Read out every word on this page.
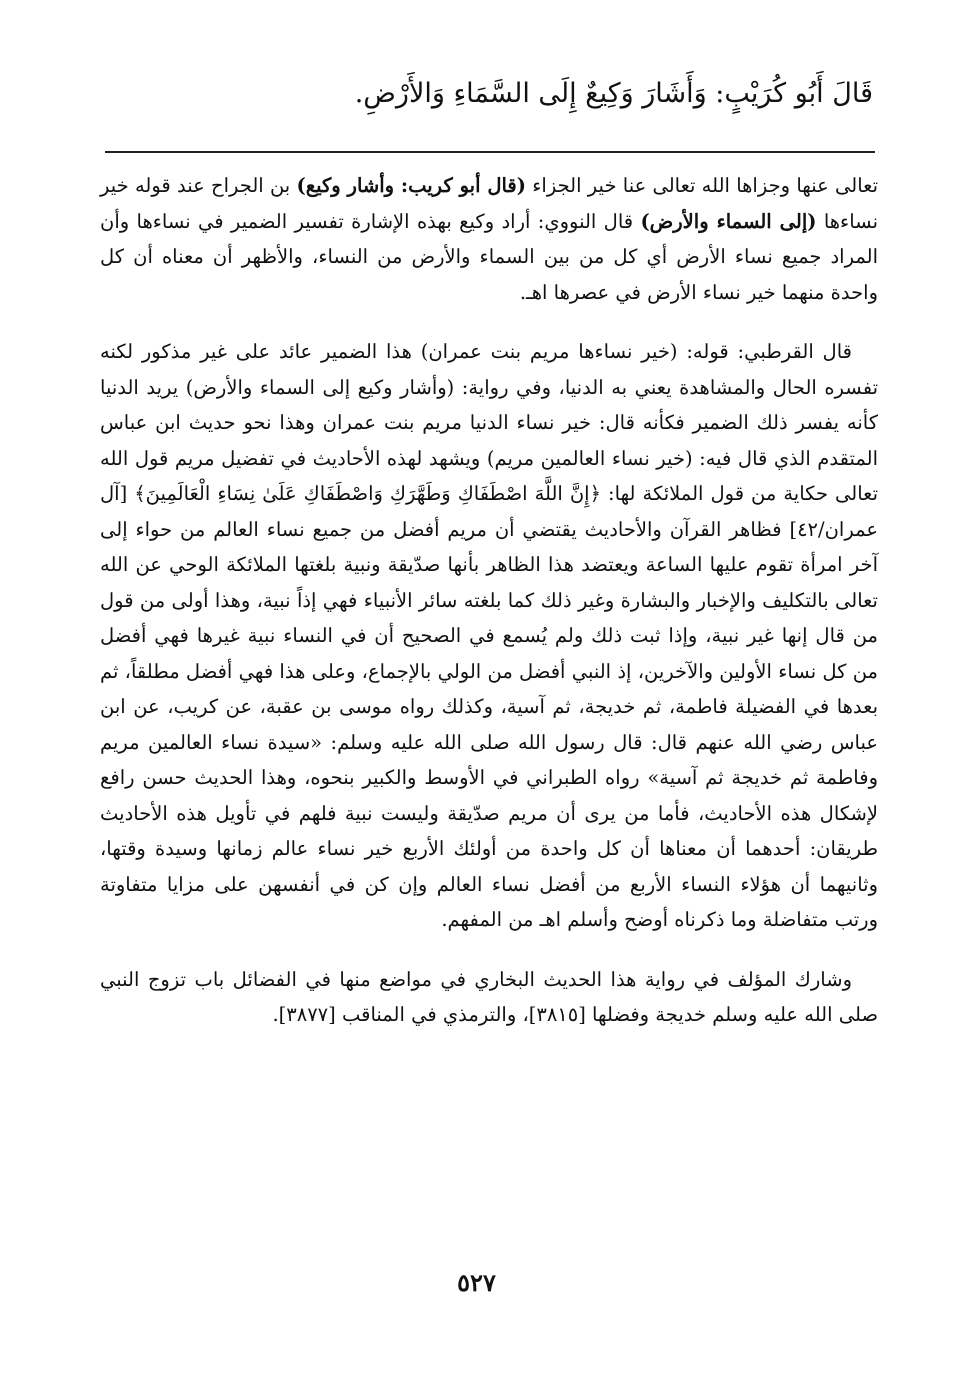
قَالَ أَبُو كُرَيْبٍ: وَأَشَارَ وَكِيعٌ إِلَى السَّمَاءِ وَالأَرْضِ.

تعالى عنها وجزاها الله تعالى عنا خير الجزاء (قال أبو كريب: وأشار وكيع) بن الجراح عند قوله خير نساءها (إلى السماء والأرض) قال النووي: أراد وكيع بهذه الإشارة تفسير الضمير في نساءها وأن المراد جميع نساء الأرض أي كل من بين السماء والأرض من النساء، والأظهر أن معناه أن كل واحدة منهما خير نساء الأرض في عصرها اهـ.

قال القرطبي: قوله: (خير نساءها مريم بنت عمران) هذا الضمير عائد على غير مذكور لكنه تفسره الحال والمشاهدة يعني به الدنيا، وفي رواية: (وأشار وكيع إلى السماء والأرض) يريد الدنيا كأنه يفسر ذلك الضمير فكأنه قال: خير نساء الدنيا مريم بنت عمران وهذا نحو حديث ابن عباس المتقدم الذي قال فيه: (خير نساء العالمين مريم) ويشهد لهذه الأحاديث في تفضيل مريم قول الله تعالى حكاية من قول الملائكة لها: ﴿إِنَّ اللَّهَ اصْطَفَاكِ وَطَهَّرَكِ وَاصْطَفَاكِ عَلَىٰ نِسَاءِ الْعَالَمِينَ﴾ [آل عمران/٤٢] فظاهر القرآن والأحاديث يقتضي أن مريم أفضل من جميع نساء العالم من حواء إلى آخر امرأة تقوم عليها الساعة ويعتضد هذا الظاهر بأنها صدّيقة ونبية بلغتها الملائكة الوحي عن الله تعالى بالتكليف والإخبار والبشارة وغير ذلك كما بلغته سائر الأنبياء فهي إذاً نبية، وهذا أولى من قول من قال إنها غير نبية، وإذا ثبت ذلك ولم يُسمع في الصحيح أن في النساء نبية غيرها فهي أفضل من كل نساء الأولين والآخرين، إذ النبي أفضل من الولي بالإجماع، وعلى هذا فهي أفضل مطلقاً، ثم بعدها في الفضيلة فاطمة، ثم خديجة، ثم آسية، وكذلك رواه موسى بن عقبة، عن كريب، عن ابن عباس رضي الله عنهم قال: قال رسول الله صلى الله عليه وسلم: «سيدة نساء العالمين مريم وفاطمة ثم خديجة ثم آسية» رواه الطبراني في الأوسط والكبير بنحوه، وهذا الحديث حسن رافع لإشكال هذه الأحاديث، فأما من يرى أن مريم صدّيقة وليست نبية فلهم في تأويل هذه الأحاديث طريقان: أحدهما أن معناها أن كل واحدة من أولئك الأربع خير نساء عالم زمانها وسيدة وقتها، وثانيهما أن هؤلاء النساء الأربع من أفضل نساء العالم وإن كن في أنفسهن على مزايا متفاوتة ورتب متفاضلة وما ذكرناه أوضح وأسلم اهـ من المفهم.

وشارك المؤلف في رواية هذا الحديث البخاري في مواضع منها في الفضائل باب تزوج النبي صلى الله عليه وسلم خديجة وفضلها [٣٨١٥]، والترمذي في المناقب [٣٨٧٧].

٥٢٧
